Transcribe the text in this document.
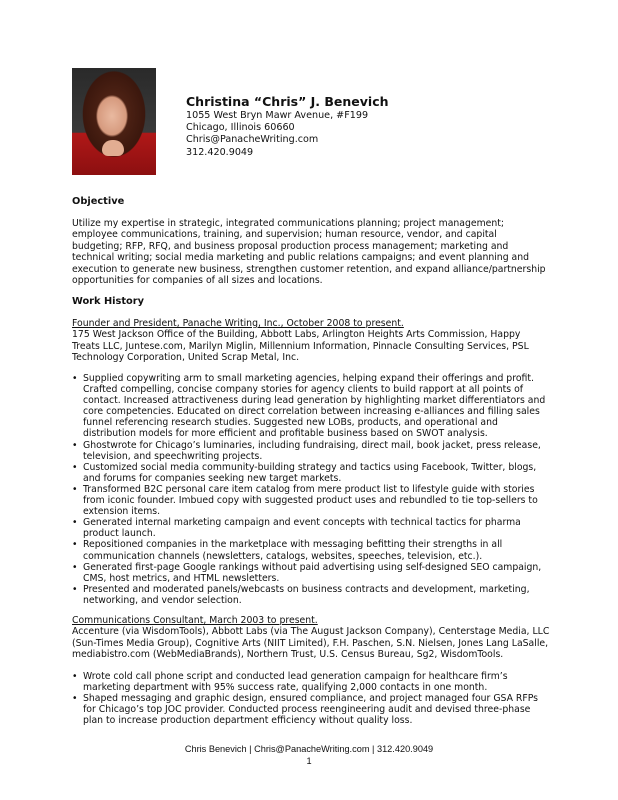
Christina “Chris” J. Benevich
1055 West Bryn Mawr Avenue, #F199
Chicago, Illinois 60660
Chris@PanacheWriting.com
312.420.9049
Objective
Utilize my expertise in strategic, integrated communications planning; project management; employee communications, training, and supervision; human resource, vendor, and capital budgeting; RFP, RFQ, and business proposal production process management; marketing and technical writing; social media marketing and public relations campaigns; and event planning and execution to generate new business, strengthen customer retention, and expand alliance/partnership opportunities for companies of all sizes and locations.
Work History
Founder and President, Panache Writing, Inc., October 2008 to present.
175 West Jackson Office of the Building, Abbott Labs, Arlington Heights Arts Commission, Happy Treats LLC, Juntese.com, Marilyn Miglin, Millennium Information, Pinnacle Consulting Services, PSL Technology Corporation, United Scrap Metal, Inc.
• Supplied copywriting arm to small marketing agencies, helping expand their offerings and profit. Crafted compelling, concise company stories for agency clients to build rapport at all points of contact. Increased attractiveness during lead generation by highlighting market differentiators and core competencies. Educated on direct correlation between increasing e-alliances and filling sales funnel referencing research studies. Suggested new LOBs, products, and operational and distribution models for more efficient and profitable business based on SWOT analysis.
• Ghostwrote for Chicago’s luminaries, including fundraising, direct mail, book jacket, press release, television, and speechwriting projects.
• Customized social media community-building strategy and tactics using Facebook, Twitter, blogs, and forums for companies seeking new target markets.
• Transformed B2C personal care item catalog from mere product list to lifestyle guide with stories from iconic founder. Imbued copy with suggested product uses and rebundled to tie top-sellers to extension items.
• Generated internal marketing campaign and event concepts with technical tactics for pharma product launch.
• Repositioned companies in the marketplace with messaging befitting their strengths in all communication channels (newsletters, catalogs, websites, speeches, television, etc.).
• Generated first-page Google rankings without paid advertising using self-designed SEO campaign, CMS, host metrics, and HTML newsletters.
• Presented and moderated panels/webcasts on business contracts and development, marketing, networking, and vendor selection.
Communications Consultant, March 2003 to present.
Accenture (via WisdomTools), Abbott Labs (via The August Jackson Company), Centerstage Media, LLC (Sun-Times Media Group), Cognitive Arts (NIIT Limited), F.H. Paschen, S.N. Nielsen, Jones Lang LaSalle, mediabistro.com (WebMediaBrands), Northern Trust, U.S. Census Bureau, Sg2, WisdomTools.
• Wrote cold call phone script and conducted lead generation campaign for healthcare firm’s marketing department with 95% success rate, qualifying 2,000 contacts in one month.
• Shaped messaging and graphic design, ensured compliance, and project managed four GSA RFPs for Chicago’s top JOC provider. Conducted process reengineering audit and devised three-phase plan to increase production department efficiency without quality loss.
Chris Benevich | Chris@PanacheWriting.com | 312.420.9049
1
